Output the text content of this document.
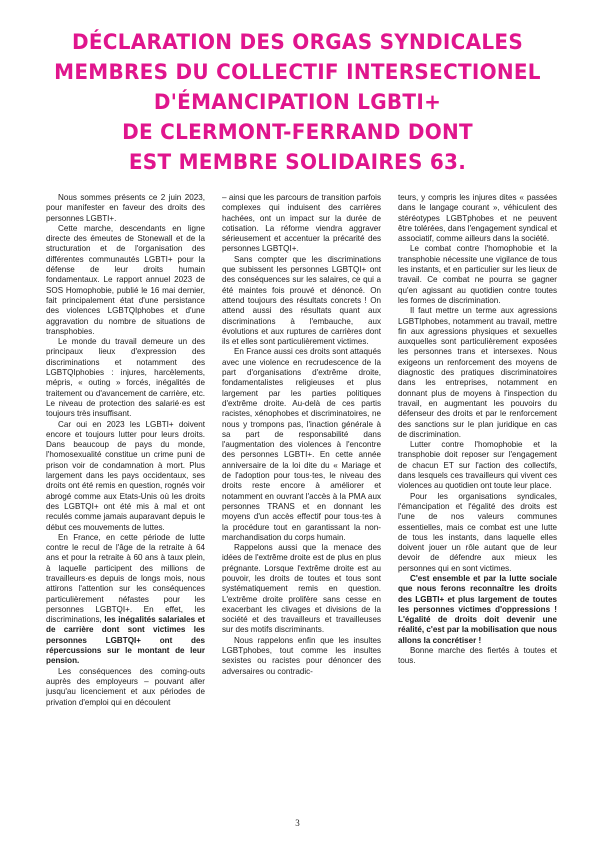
DÉCLARATION DES ORGAS SYNDICALES
MEMBRES DU COLLECTIF INTERSECTIONEL
D'ÉMANCIPATION LGBTI+
DE CLERMONT-FERRAND DONT
EST MEMBRE SOLIDAIRES 63.

Nous sommes présents ce 2 juin 2023, pour manifester en faveur des droits des personnes LGBTI+.

Cette marche, descendants en ligne directe des émeutes de Stonewall et de la structuration et de l'organisation des différentes communautés LGBTI+ pour la défense de leur droits humain fondamentaux. Le rapport annuel 2023 de SOS Homophobie, publié le 16 mai dernier, fait principalement état d'une persistance des violences LGBTQIphobes et d'une aggravation du nombre de situations de transphobies.

Le monde du travail demeure un des principaux lieux d'expression des discriminations et notamment des LGBTQIphobies : injures, harcèlements, mépris, « outing » forcés, inégalités de traitement ou d'avancement de carrière, etc. Le niveau de protection des salarié·es est toujours très insuffisant.

Car oui en 2023 les LGBTI+ doivent encore et toujours lutter pour leurs droits. Dans beaucoup de pays du monde, l'homosexualité constitue un crime puni de prison voir de condamnation à mort. Plus largement dans les pays occidentaux, ses droits ont été remis en question, rognés voir abrogé comme aux Etats-Unis où les droits des LGBTQI+ ont été mis à mal et ont reculés comme jamais auparavant depuis le début ces mouvements de luttes.

En France, en cette période de lutte contre le recul de l'âge de la retraite à 64 ans et pour la retraite à 60 ans à taux plein, à laquelle participent des millions de travailleurs·es depuis de longs mois, nous attirons l'attention sur les conséquences particulièrement néfastes pour les personnes LGBTQI+. En effet, les discriminations, les inégalités salariales et de carrière dont sont victimes les personnes LGBTQI+ ont des répercussions sur le montant de leur pension.

Les conséquences des coming-outs auprès des employeurs – pouvant aller jusqu'au licenciement et aux périodes de privation d'emploi qui en découlent

– ainsi que les parcours de transition parfois complexes qui induisent des carrières hachées, ont un impact sur la durée de cotisation. La réforme viendra aggraver sérieusement et accentuer la précarité des personnes LGBTQI+.

Sans compter que les discriminations que subissent les personnes LGBTQI+ ont des conséquences sur les salaires, ce qui a été maintes fois prouvé et dénoncé. On attend toujours des résultats concrets ! On attend aussi des résultats quant aux discriminations à l'embauche, aux évolutions et aux ruptures de carrières dont ils et elles sont particulièrement victimes.

En France aussi ces droits sont attaqués avec une violence en recrudescence de la part d'organisations d'extrême droite, fondamentalistes religieuses et plus largement par les parties politiques d'extrême droite. Au-delà de ces partis racistes, xénophobes et discriminatoires, ne nous y trompons pas, l'inaction générale à sa part de responsabilité dans l'augmentation des violences à l'encontre des personnes LGBTI+. En cette année anniversaire de la loi dite du « Mariage et de l'adoption pour tous·tes, le niveau des droits reste encore à améliorer et notamment en ouvrant l'accès à la PMA aux personnes TRANS et en donnant les moyens d'un accès effectif pour tous·tes à la procédure tout en garantissant la non-marchandisation du corps humain.

Rappelons aussi que la menace des idées de l'extrême droite est de plus en plus prégnante. Lorsque l'extrême droite est au pouvoir, les droits de toutes et tous sont systématiquement remis en question. L'extrême droite prolifère sans cesse en exacerbant les clivages et divisions de la société et des travailleurs et travailleuses sur des motifs discriminants.

Nous rappelons enfin que les insultes LGBTphobes, tout comme les insultes sexistes ou racistes pour dénoncer des adversaires ou contradic-

teurs, y compris les injures dites « passées dans le langage courant », véhiculent des stéréotypes LGBTphobes et ne peuvent être tolérées, dans l'engagement syndical et associatif, comme ailleurs dans la société.

Le combat contre l'homophobie et la transphobie nécessite une vigilance de tous les instants, et en particulier sur les lieux de travail. Ce combat ne pourra se gagner qu'en agissant au quotidien contre toutes les formes de discrimination.

Il faut mettre un terme aux agressions LGBTIphobes, notamment au travail, mettre fin aux agressions physiques et sexuelles auxquelles sont particulièrement exposées les personnes trans et intersexes. Nous exigeons un renforcement des moyens de diagnostic des pratiques discriminatoires dans les entreprises, notamment en donnant plus de moyens à l'inspection du travail, en augmentant les pouvoirs du défenseur des droits et par le renforcement des sanctions sur le plan juridique en cas de discrimination.

Lutter contre l'homophobie et la transphobie doit reposer sur l'engagement de chacun ET sur l'action des collectifs, dans lesquels ces travailleurs qui vivent ces violences au quotidien ont toute leur place.

Pour les organisations syndicales, l'émancipation et l'égalité des droits est l'une de nos valeurs communes essentielles, mais ce combat est une lutte de tous les instants, dans laquelle elles doivent jouer un rôle autant que de leur devoir de défendre aux mieux les personnes qui en sont victimes.

C'est ensemble et par la lutte sociale que nous ferons reconnaître les droits des LGBTI+ et plus largement de toutes les personnes victimes d'oppressions ! L'égalité de droits doit devenir une réalité, c'est par la mobilisation que nous allons la concrétiser !

Bonne marche des fiertés à toutes et tous.

3
